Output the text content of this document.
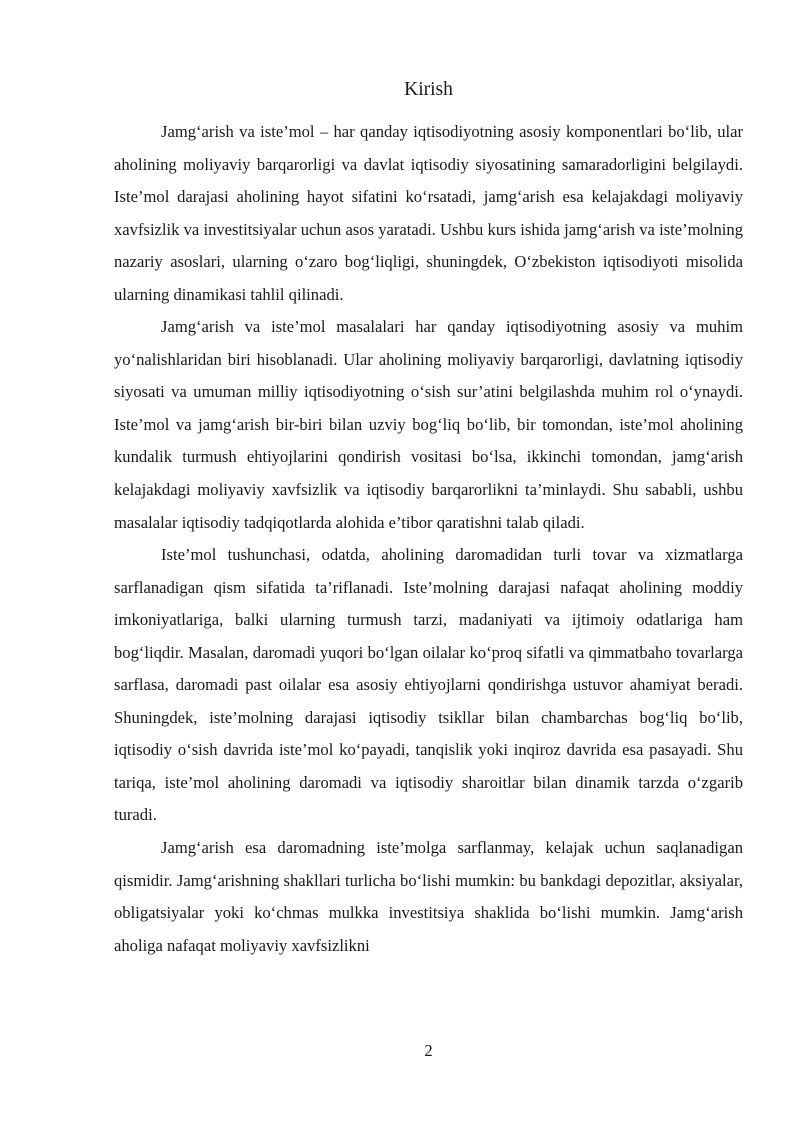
Kirish

Jamg‘arish va iste’mol – har qanday iqtisodiyotning asosiy komponentlari bo‘lib, ular aholining moliyaviy barqarorligi va davlat iqtisodiy siyosatining samaradorligini belgilaydi. Iste’mol darajasi aholining hayot sifatini ko‘rsatadi, jamg‘arish esa kelajakdagi moliyaviy xavfsizlik va investitsiyalar uchun asos yaratadi. Ushbu kurs ishida jamg‘arish va iste’molning nazariy asoslari, ularning o‘zaro bog‘liqligi, shuningdek, O‘zbekiston iqtisodiyoti misolida ularning dinamikasi tahlil qilinadi.

Jamg‘arish va iste’mol masalalari har qanday iqtisodiyotning asosiy va muhim yo‘nalishlaridan biri hisoblanadi. Ular aholining moliyaviy barqarorligi, davlatning iqtisodiy siyosati va umuman milliy iqtisodiyotning o‘sish sur’atini belgilashda muhim rol o‘ynaydi. Iste’mol va jamg‘arish bir-biri bilan uzviy bog‘liq bo‘lib, bir tomondan, iste’mol aholining kundalik turmush ehtiyojlarini qondirish vositasi bo‘lsa, ikkinchi tomondan, jamg‘arish kelajakdagi moliyaviy xavfsizlik va iqtisodiy barqarorlikni ta’minlaydi. Shu sababli, ushbu masalalar iqtisodiy tadqiqotlarda alohida e’tibor qaratishni talab qiladi.

Iste’mol tushunchasi, odatda, aholining daromadidan turli tovar va xizmatlarga sarflanadigan qism sifatida ta’riflanadi. Iste’molning darajasi nafaqat aholining moddiy imkoniyatlariga, balki ularning turmush tarzi, madaniyati va ijtimoiy odatlariga ham bog‘liqdir. Masalan, daromadi yuqori bo‘lgan oilalar ko‘proq sifatli va qimmatbaho tovarlarga sarflasa, daromadi past oilalar esa asosiy ehtiyojlarni qondirishga ustuvor ahamiyat beradi. Shuningdek, iste’molning darajasi iqtisodiy tsikllar bilan chambarchas bog‘liq bo‘lib, iqtisodiy o‘sish davrida iste’mol ko‘payadi, tanqislik yoki inqiroz davrida esa pasayadi. Shu tariqa, iste’mol aholining daromadi va iqtisodiy sharoitlar bilan dinamik tarzda o‘zgarib turadi.

Jamg‘arish esa daromadning iste’molga sarflanmay, kelajak uchun saqlanadigan qismidir. Jamg‘arishning shakllari turlicha bo‘lishi mumkin: bu bankdagi depozitlar, aksiyalar, obligatsiyalar yoki ko‘chmas mulkka investitsiya shaklida bo‘lishi mumkin. Jamg‘arish aholiga nafaqat moliyaviy xavfsizlikni

2
